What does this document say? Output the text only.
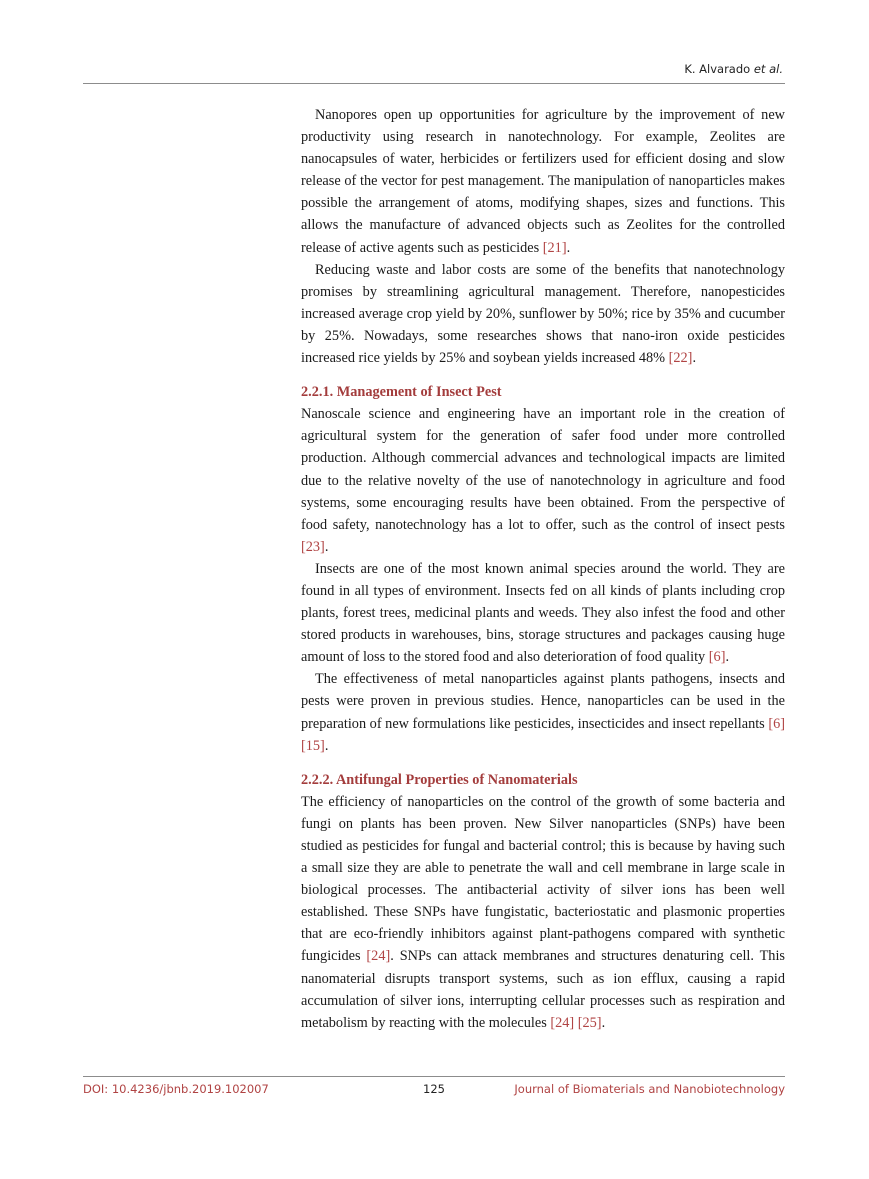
K. Alvarado et al.

Nanopores open up opportunities for agriculture by the improvement of new productivity using research in nanotechnology. For example, Zeolites are nanocapsules of water, herbicides or fertilizers used for efficient dosing and slow release of the vector for pest management. The manipulation of nanoparticles makes possible the arrangement of atoms, modifying shapes, sizes and functions. This allows the manufacture of advanced objects such as Zeolites for the controlled release of active agents such as pesticides [21].

Reducing waste and labor costs are some of the benefits that nanotechnology promises by streamlining agricultural management. Therefore, nanopesticides increased average crop yield by 20%, sunflower by 50%; rice by 35% and cucumber by 25%. Nowadays, some researches shows that nano-iron oxide pesticides increased rice yields by 25% and soybean yields increased 48% [22].

2.2.1. Management of Insect Pest

Nanoscale science and engineering have an important role in the creation of agricultural system for the generation of safer food under more controlled production. Although commercial advances and technological impacts are limited due to the relative novelty of the use of nanotechnology in agriculture and food systems, some encouraging results have been obtained. From the perspective of food safety, nanotechnology has a lot to offer, such as the control of insect pests [23].

Insects are one of the most known animal species around the world. They are found in all types of environment. Insects fed on all kinds of plants including crop plants, forest trees, medicinal plants and weeds. They also infest the food and other stored products in warehouses, bins, storage structures and packages causing huge amount of loss to the stored food and also deterioration of food quality [6].

The effectiveness of metal nanoparticles against plants pathogens, insects and pests were proven in previous studies. Hence, nanoparticles can be used in the preparation of new formulations like pesticides, insecticides and insect repellants [6] [15].

2.2.2. Antifungal Properties of Nanomaterials

The efficiency of nanoparticles on the control of the growth of some bacteria and fungi on plants has been proven. New Silver nanoparticles (SNPs) have been studied as pesticides for fungal and bacterial control; this is because by having such a small size they are able to penetrate the wall and cell membrane in large scale in biological processes. The antibacterial activity of silver ions has been well established. These SNPs have fungistatic, bacteriostatic and plasmonic properties that are eco-friendly inhibitors against plant-pathogens compared with synthetic fungicides [24]. SNPs can attack membranes and structures denaturing cell. This nanomaterial disrupts transport systems, such as ion efflux, causing a rapid accumulation of silver ions, interrupting cellular processes such as respiration and metabolism by reacting with the molecules [24] [25].

DOI: 10.4236/jbnb.2019.102007	125	Journal of Biomaterials and Nanobiotechnology
